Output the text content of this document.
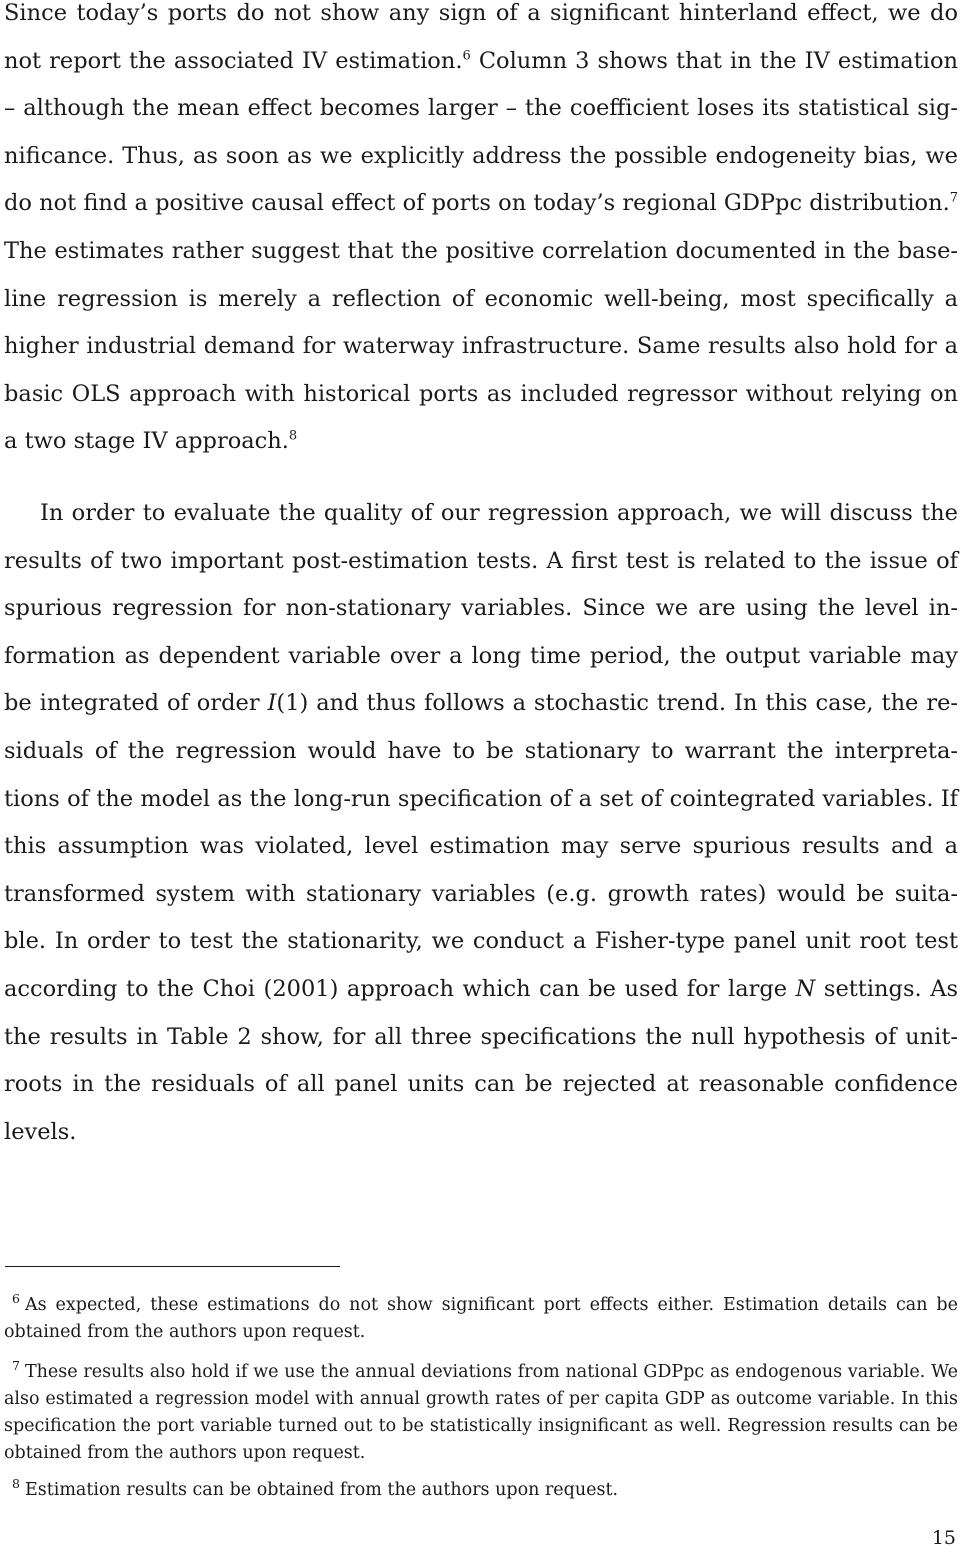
Since today’s ports do not show any sign of a significant hinterland effect, we do not report the associated IV estimation.$^6$ Column 3 shows that in the IV estimation – although the mean effect becomes larger – the coefficient loses its statistical significance. Thus, as soon as we explicitly address the possible endogeneity bias, we do not find a positive causal effect of ports on today’s regional GDPpc distribution.$^7$ The estimates rather suggest that the positive correlation documented in the baseline regression is merely a reflection of economic well-being, most specifically a higher industrial demand for waterway infrastructure. Same results also hold for a basic OLS approach with historical ports as included regressor without relying on a two stage IV approach.$^8$

In order to evaluate the quality of our regression approach, we will discuss the results of two important post-estimation tests. A first test is related to the issue of spurious regression for non-stationary variables. Since we are using the level information as dependent variable over a long time period, the output variable may be integrated of order I(1) and thus follows a stochastic trend. In this case, the residuals of the regression would have to be stationary to warrant the interpretations of the model as the long-run specification of a set of cointegrated variables. If this assumption was violated, level estimation may serve spurious results and a transformed system with stationary variables (e.g. growth rates) would be suitable. In order to test the stationarity, we conduct a Fisher-type panel unit root test according to the Choi (2001) approach which can be used for large N settings. As the results in Table 2 show, for all three specifications the null hypothesis of unitroots in the residuals of all panel units can be rejected at reasonable confidence levels.

$^6$ As expected, these estimations do not show significant port effects either. Estimation details can be obtained from the authors upon request.

$^7$ These results also hold if we use the annual deviations from national GDPpc as endogenous variable. We also estimated a regression model with annual growth rates of per capita GDP as outcome variable. In this specification the port variable turned out to be statistically insignificant as well. Regression results can be obtained from the authors upon request.

$^8$ Estimation results can be obtained from the authors upon request.

15
